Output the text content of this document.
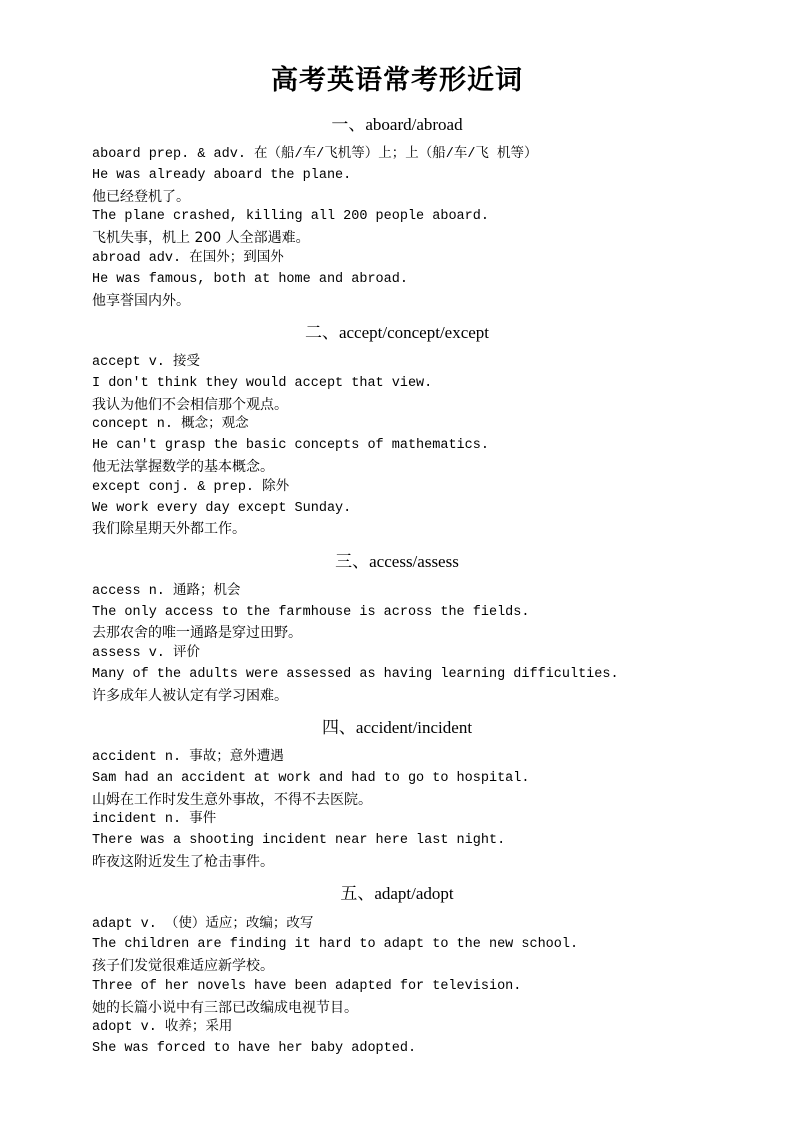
高考英语常考形近词
一、aboard/abroad
aboard prep. & adv. 在（船/车/飞机等）上；上（船/车/飞 机等）
He was already aboard the plane.
他已经登机了。
The plane crashed, killing all 200 people aboard.
飞机失事，机上 200 人全部遇难。
abroad adv. 在国外；到国外
He was famous, both at home and abroad.
他享誉国内外。
二、accept/concept/except
accept v. 接受
I don't think they would accept that view.
我认为他们不会相信那个观点。
concept n. 概念；观念
He can't grasp the basic concepts of mathematics.
他无法掌握数学的基本概念。
except conj. & prep. 除外
We work every day except Sunday.
我们除星期天外都工作。
三、access/assess
access n. 通路；机会
The only access to the farmhouse is across the fields.
去那农舍的唯一通路是穿过田野。
assess v. 评价
Many of the adults were assessed as having learning difficulties.
许多成年人被认定有学习困难。
四、accident/incident
accident n. 事故；意外遭遇
Sam had an accident at work and had to go to hospital.
山姆在工作时发生意外事故，不得不去医院。
incident n. 事件
There was a shooting incident near here last night.
昨夜这附近发生了枪击事件。
五、adapt/adopt
adapt v. （使）适应；改编；改写
The children are finding it hard to adapt to the new school.
孩子们发觉很难适应新学校。
Three of her novels have been adapted for television.
她的长篇小说中有三部已改编成电视节目。
adopt v. 收养；采用
She was forced to have her baby adopted.
